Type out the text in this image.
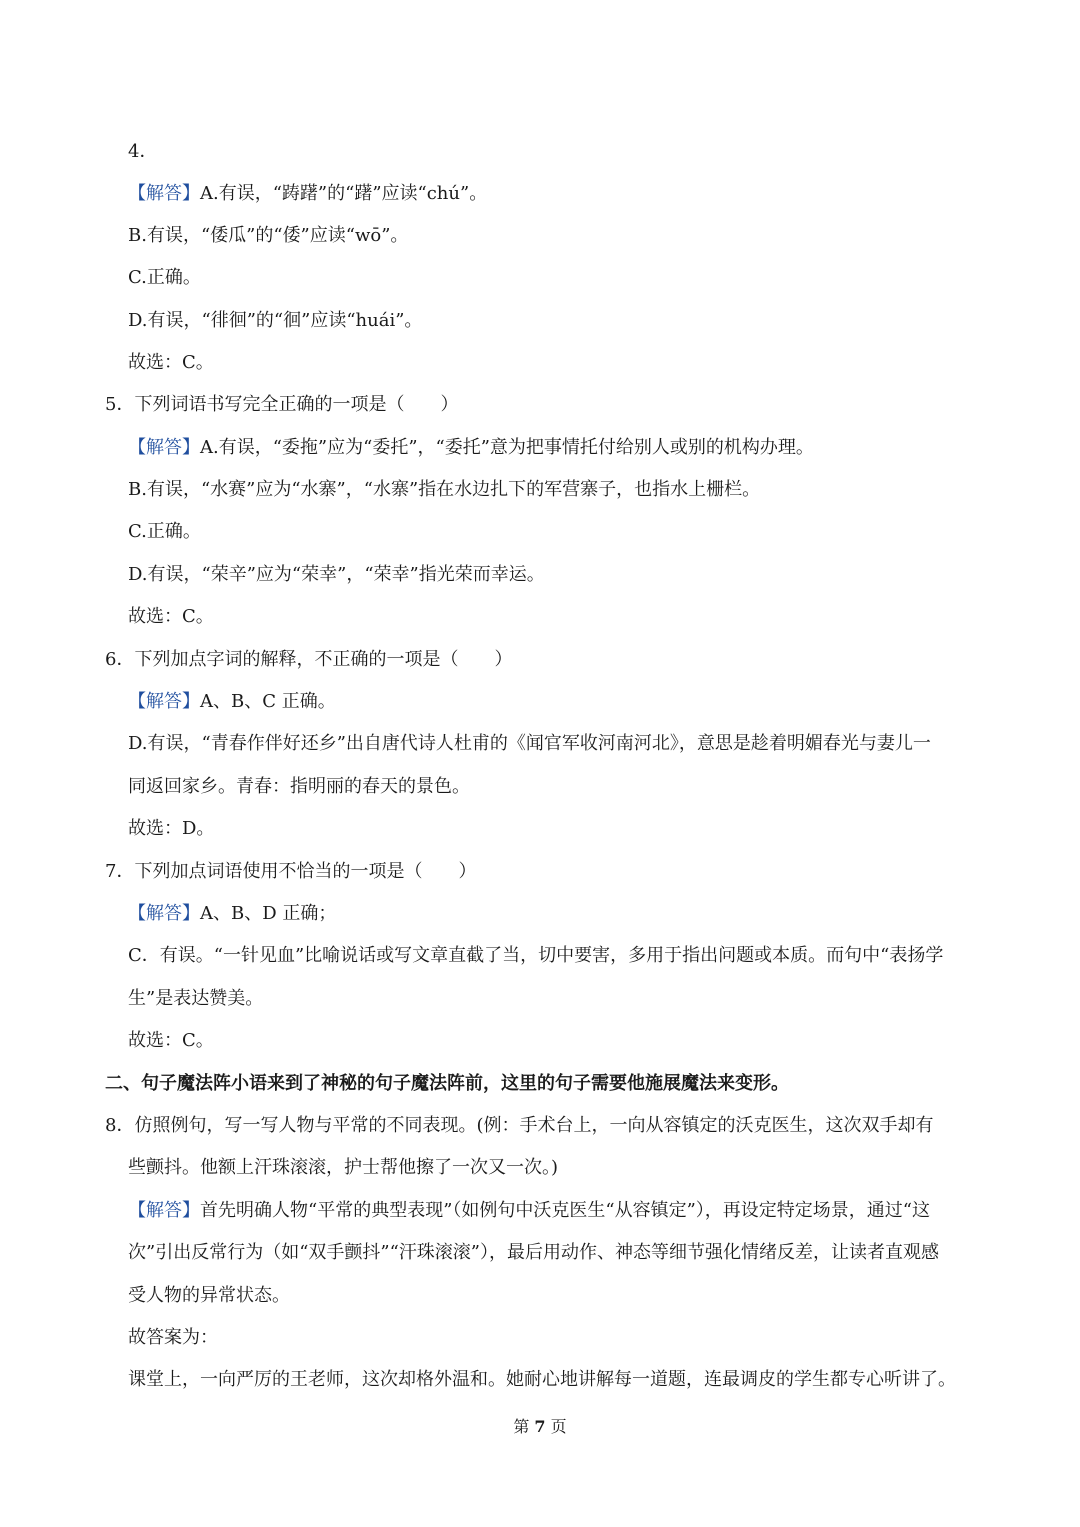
4．
【解答】A.有误，“踌躇”的“躇”应读“chú”。
B.有误，“倭瓜”的“倭”应读“wō”。
C.正确。
D.有误，“徘徊”的“徊”应读“huái”。
故选：C。
5．下列词语书写完全正确的一项是（　　）
【解答】A.有误，“委拖”应为“委托”，“委托”意为把事情托付给别人或别的机构办理。
B.有误，“水赛”应为“水寨”，“水寨”指在水边扎下的军营寨子，也指水上栅栏。
C.正确。
D.有误，“荣辛”应为“荣幸”，“荣幸”指光荣而幸运。
故选：C。
6．下列加点字词的解释，不正确的一项是（　　）
【解答】A、B、C 正确。
D.有误，“青春作伴好还乡”出自唐代诗人杜甫的《闻官军收河南河北》，意思是趁着明媚春光与妻儿一
同返回家乡。青春：指明丽的春天的景色。
故选：D。
7．下列加点词语使用不恰当的一项是（　　）
【解答】A、B、D 正确；
C．有误。“一针见血”比喻说话或写文章直截了当，切中要害，多用于指出问题或本质。而句中“表扬学
生”是表达赞美。
故选：C。
二、句子魔法阵小语来到了神秘的句子魔法阵前，这里的句子需要他施展魔法来变形。
8．仿照例句，写一写人物与平常的不同表现。(例：手术台上，一向从容镇定的沃克医生，这次双手却有
些颤抖。他额上汗珠滚滚，护士帮他擦了一次又一次。)
【解答】首先明确人物“平常的典型表现”（如例句中沃克医生“从容镇定”），再设定特定场景，通过“这
次”引出反常行为（如“双手颤抖”“汗珠滚滚”），最后用动作、神态等细节强化情绪反差，让读者直观感
受人物的异常状态。
故答案为：
课堂上，一向严厉的王老师，这次却格外温和。她耐心地讲解每一道题，连最调皮的学生都专心听讲了。
第 7 页
